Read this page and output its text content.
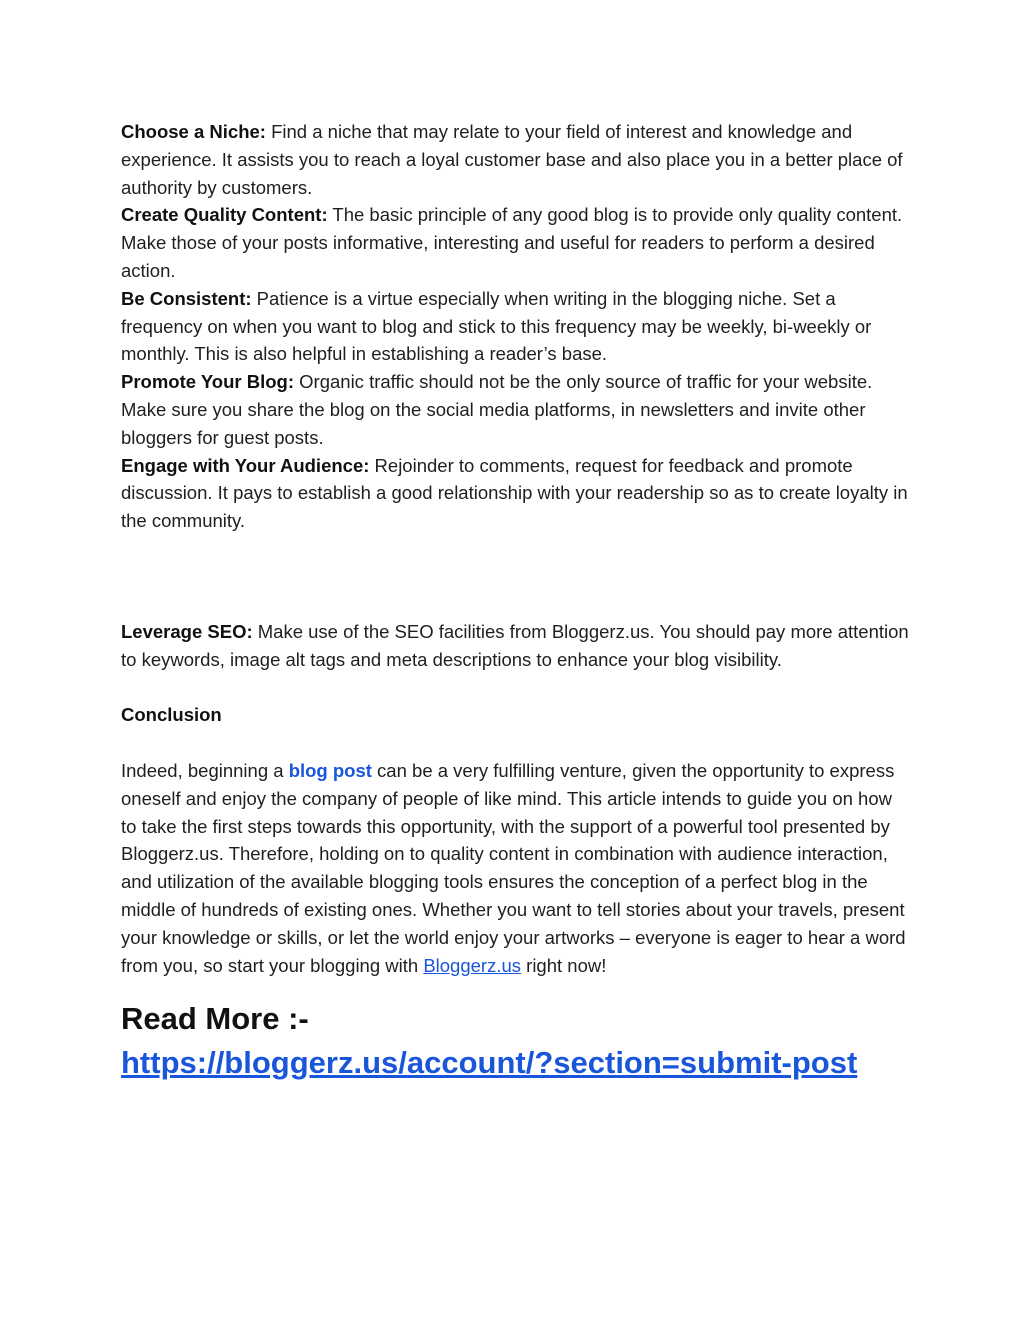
Choose a Niche: Find a niche that may relate to your field of interest and knowledge and experience. It assists you to reach a loyal customer base and also place you in a better place of authority by customers.

Create Quality Content: The basic principle of any good blog is to provide only quality content. Make those of your posts informative, interesting and useful for readers to perform a desired action.

Be Consistent: Patience is a virtue especially when writing in the blogging niche. Set a frequency on when you want to blog and stick to this frequency may be weekly, bi-weekly or monthly. This is also helpful in establishing a reader’s base.

Promote Your Blog: Organic traffic should not be the only source of traffic for your website. Make sure you share the blog on the social media platforms, in newsletters and invite other bloggers for guest posts.

Engage with Your Audience: Rejoinder to comments, request for feedback and promote discussion. It pays to establish a good relationship with your readership so as to create loyalty in the community.

Leverage SEO: Make use of the SEO facilities from Bloggerz.us. You should pay more attention to keywords, image alt tags and meta descriptions to enhance your blog visibility.

Conclusion

Indeed, beginning a blog post can be a very fulfilling venture, given the opportunity to express oneself and enjoy the company of people of like mind. This article intends to guide you on how to take the first steps towards this opportunity, with the support of a powerful tool presented by Bloggerz.us. Therefore, holding on to quality content in combination with audience interaction, and utilization of the available blogging tools ensures the conception of a perfect blog in the middle of hundreds of existing ones. Whether you want to tell stories about your travels, present your knowledge or skills, or let the world enjoy your artworks – everyone is eager to hear a word from you, so start your blogging with Bloggerz.us right now!

Read More :-
https://bloggerz.us/account/?section=submit-post
